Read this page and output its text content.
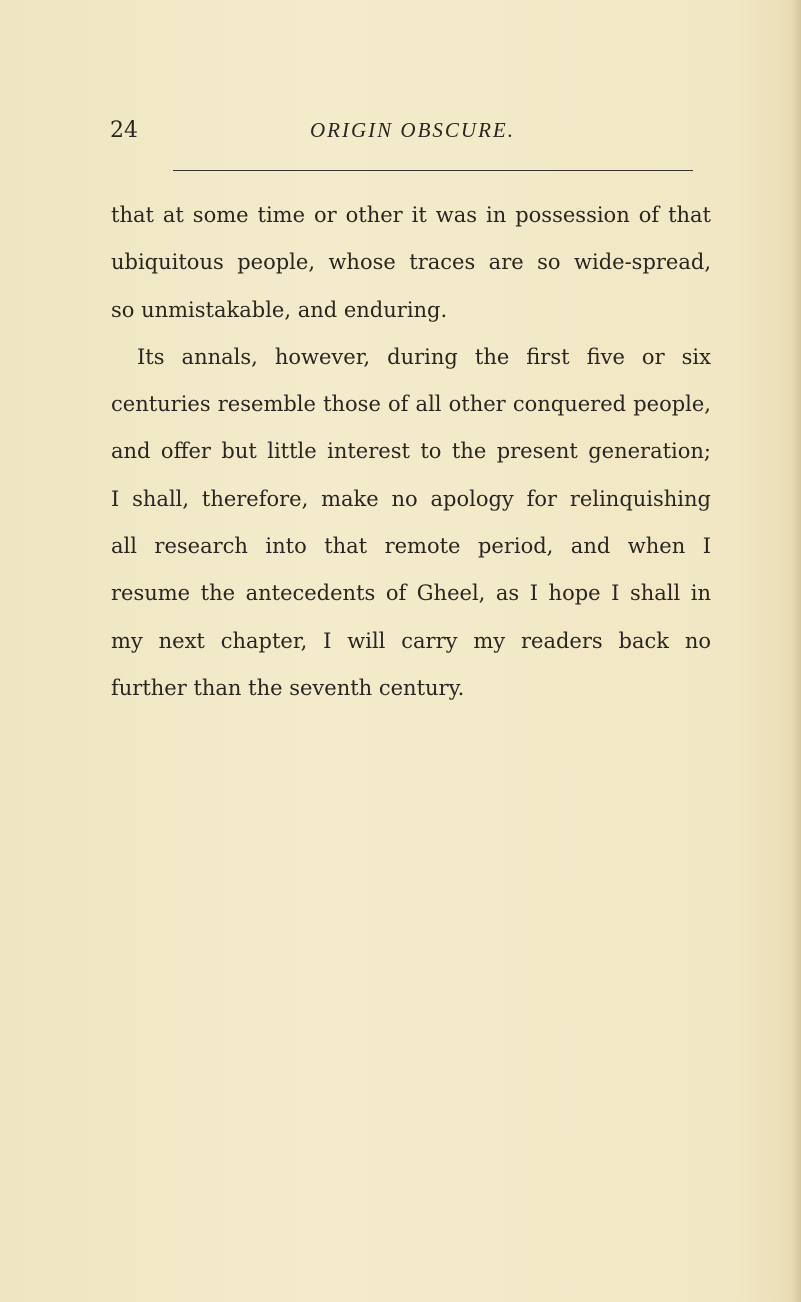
24	ORIGIN OBSCURE.
that at some time or other it was in possession of that
ubiquitous people, whose traces are so wide-spread,
so unmistakable, and enduring.
Its annals, however, during the first five or six
centuries resemble those of all other conquered people,
and offer but little interest to the present generation;
I shall, therefore, make no apology for relinquishing
all research into that remote period, and when I
resume the antecedents of Gheel, as I hope I shall in
my next chapter, I will carry my readers back no
further than the seventh century.
